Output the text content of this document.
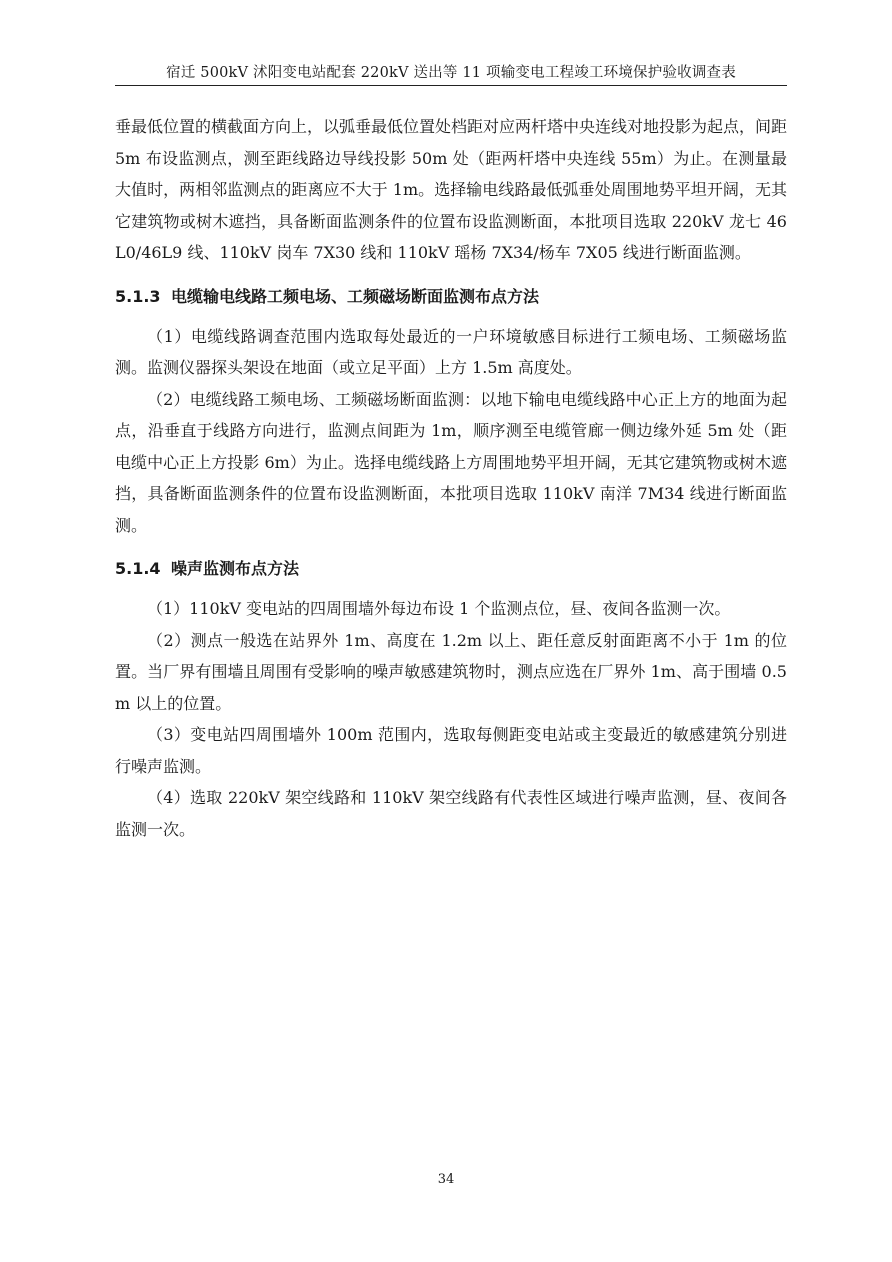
宿迁 500kV 沭阳变电站配套 220kV 送出等 11 项输变电工程竣工环境保护验收调查表

垂最低位置的横截面方向上，以弧垂最低位置处档距对应两杆塔中央连线对地投影为起点，间距 5m 布设监测点，测至距线路边导线投影 50m 处（距两杆塔中央连线 55m）为止。在测量最大值时，两相邻监测点的距离应不大于 1m。选择输电线路最低弧垂处周围地势平坦开阔，无其它建筑物或树木遮挡，具备断面监测条件的位置布设监测断面，本批项目选取 220kV 龙七 46L0/46L9 线、110kV 岗车 7X30 线和 110kV 瑶杨 7X34/杨车 7X05 线进行断面监测。

5.1.3 电缆输电线路工频电场、工频磁场断面监测布点方法

（1）电缆线路调查范围内选取每处最近的一户环境敏感目标进行工频电场、工频磁场监测。监测仪器探头架设在地面（或立足平面）上方 1.5m 高度处。

（2）电缆线路工频电场、工频磁场断面监测：以地下输电电缆线路中心正上方的地面为起点，沿垂直于线路方向进行，监测点间距为 1m，顺序测至电缆管廊一侧边缘外延 5m 处（距电缆中心正上方投影 6m）为止。选择电缆线路上方周围地势平坦开阔，无其它建筑物或树木遮挡，具备断面监测条件的位置布设监测断面，本批项目选取 110kV 南洋 7M34 线进行断面监测。

5.1.4 噪声监测布点方法

（1）110kV 变电站的四周围墙外每边布设 1 个监测点位，昼、夜间各监测一次。

（2）测点一般选在站界外 1m、高度在 1.2m 以上、距任意反射面距离不小于 1m 的位置。当厂界有围墙且周围有受影响的噪声敏感建筑物时，测点应选在厂界外 1m、高于围墙 0.5m 以上的位置。

（3）变电站四周围墙外 100m 范围内，选取每侧距变电站或主变最近的敏感建筑分别进行噪声监测。

（4）选取 220kV 架空线路和 110kV 架空线路有代表性区域进行噪声监测，昼、夜间各监测一次。

34
